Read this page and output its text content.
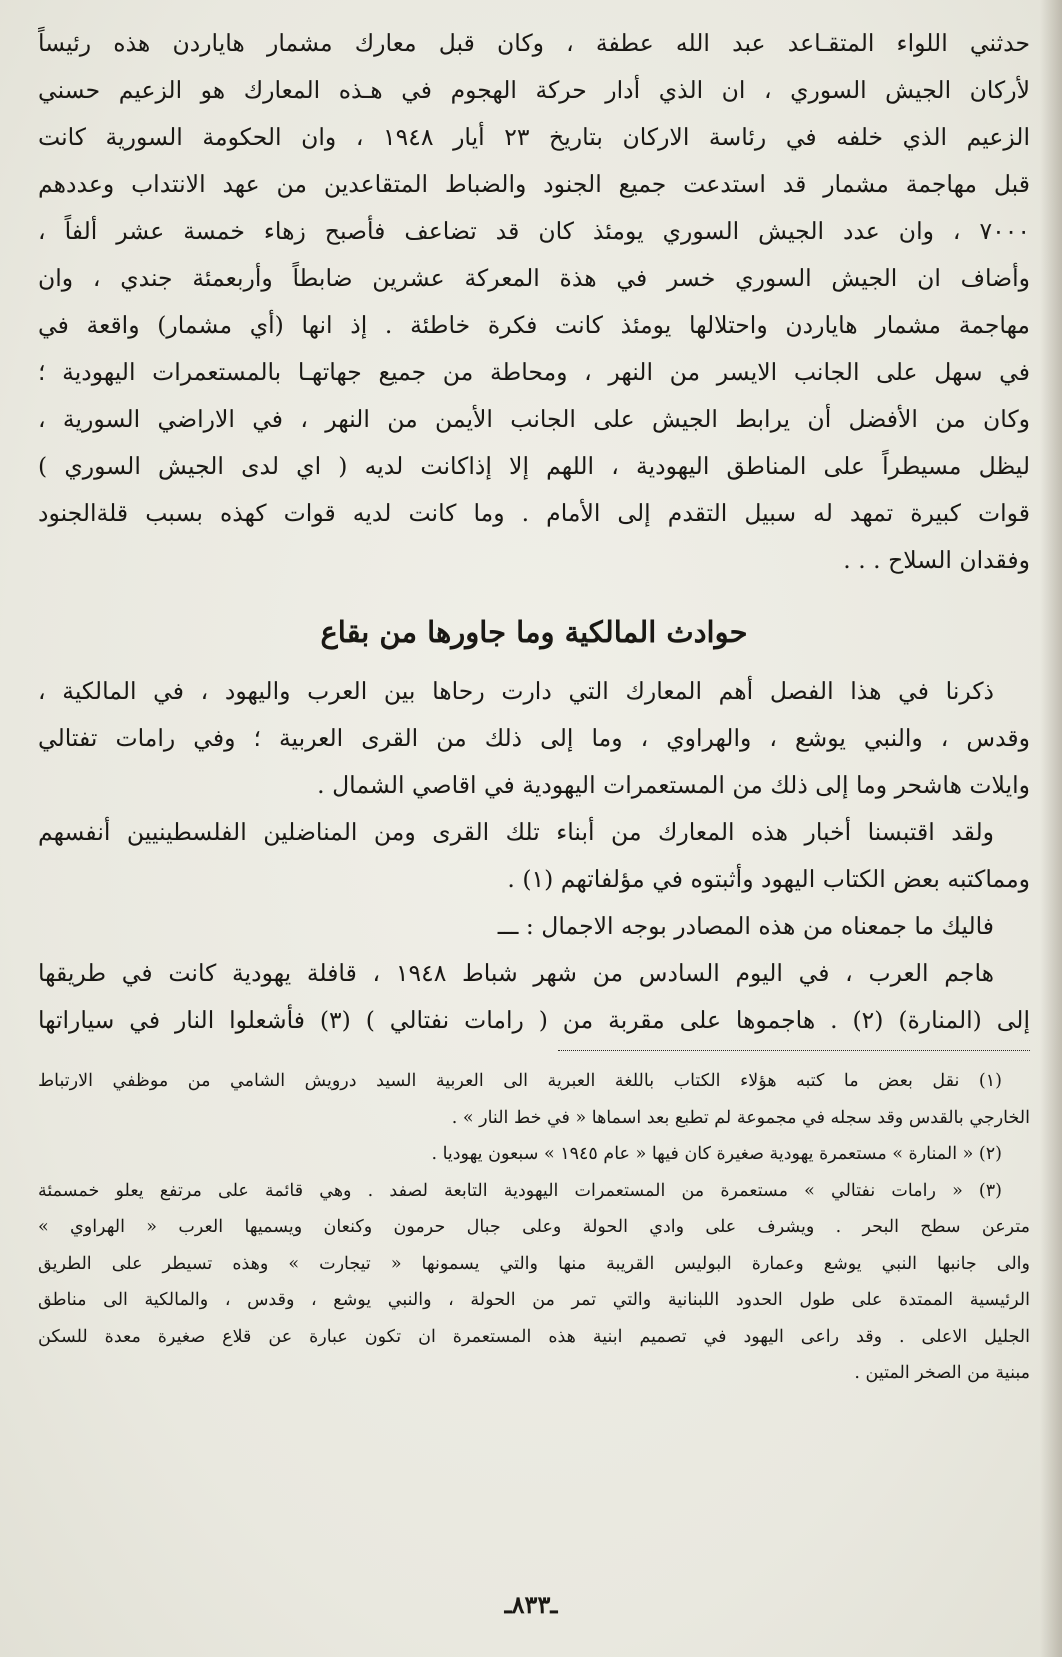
حدثني اللواء المتقـاعد عبد الله عطفة ، وكان قبل معارك مشمار هاياردن هذه رئيساً
لأركان الجيش السوري ، ان الذي أدار حركة الهجوم في هـذه المعارك هو الزعيم حسني
الزعيم الذي خلفه في رئاسة الاركان بتاريخ ٢٣ أيار ١٩٤٨ ، وان الحكومة السورية كانت
قبل مهاجمة مشمار قد استدعت جميع الجنود والضباط المتقاعدين من عهد الانتداب وعددهم
٧٠٠٠ ، وان عدد الجيش السوري يومئذ كان قد تضاعف فأصبح زهاء خمسة عشر ألفاً ،
وأضاف ان الجيش السوري خسر في هذة المعركة عشرين ضابطاً وأربعمئة جندي ، وان
مهاجمة مشمار هاياردن واحتلالها يومئذ كانت فكرة خاطئة . إذ انها (أي مشمار) واقعة في
في سهل على الجانب الايسر من النهر ، ومحاطة من جميع جهاتهـا بالمستعمرات اليهودية ؛
وكان من الأفضل أن يرابط الجيش على الجانب الأيمن من النهر ، في الاراضي السورية ،
ليظل مسيطراً على المناطق اليهودية ، اللهم إلا إذاكانت لديه ( اي لدى الجيش السوري )
قوات كبيرة تمهد له سبيل التقدم إلى الأمام . وما كانت لديه قوات كهذه بسبب قلةالجنود
وفقدان السلاح . . .
حوادث المالكية وما جاورها من بقاع
ذكرنا في هذا الفصل أهم المعارك التي دارت رحاها بين العرب واليهود ، في المالكية ،
وقدس ، والنبي يوشع ، والهراوي ، وما إلى ذلك من القرى العربية ؛ وفي رامات تفتالي
وايلات هاشحر وما إلى ذلك من المستعمرات اليهودية في اقاصي الشمال .
ولقد اقتبسنا أخبار هذه المعارك من أبناء تلك القرى ومن المناضلين الفلسطينيين أنفسهم
ومماكتبه بعض الكتاب اليهود وأثبتوه في مؤلفاتهم (١) .
فاليك ما جمعناه من هذه المصادر بوجه الاجمال : ـــ
هاجم العرب ، في اليوم السادس من شهر شباط ١٩٤٨ ، قافلة يهودية كانت في طريقها
إلى (المنارة) (٢) . هاجموها على مقربة من ( رامات نفتالي ) (٣) فأشعلوا النار في سياراتها
(١) نقل بعض ما كتبه هؤلاء الكتاب باللغة العبرية الى العربية السيد درويش الشامي من موظفي الارتباط
الخارجي بالقدس وقد سجله في مجموعة لم تطبع بعد اسماها « في خط النار » .
(٢) « المنارة » مستعمرة يهودية صغيرة كان فيها « عام ١٩٤٥ » سبعون يهوديا .
(٣) « رامات نفتالي » مستعمرة من المستعمرات اليهودية التابعة لصفد . وهي قائمة على مرتفع يعلو خمسمئة
مترعن سطح البحر . ويشرف على وادي الحولة وعلى جبال حرمون وكنعان ويسميها العرب « الهراوي »
والى جانبها النبي يوشع وعمارة البوليس القريبة منها والتي يسمونها « تيجارت » وهذه تسيطر على الطريق
الرئيسية الممتدة على طول الحدود اللبنانية والتي تمر من الحولة ، والنبي يوشع ، وقدس ، والمالكية الى مناطق
الجليل الاعلى . وقد راعى اليهود في تصميم ابنية هذه المستعمرة ان تكون عبارة عن قلاع صغيرة معدة للسكن
مبنية من الصخر المتين .
ـ٨٣٣ـ
